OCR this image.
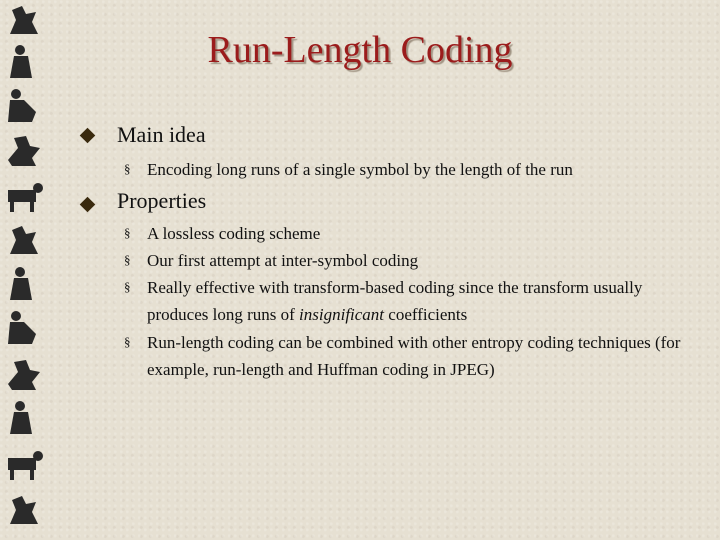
Run-Length Coding
Main idea
§ Encoding long runs of a single symbol by the length of the run
Properties
§ A lossless coding scheme
§ Our first attempt at inter-symbol coding
§ Really effective with transform-based coding since the transform usually produces long runs of insignificant coefficients
§ Run-length coding can be combined with other entropy coding techniques (for example, run-length and Huffman coding in JPEG)
